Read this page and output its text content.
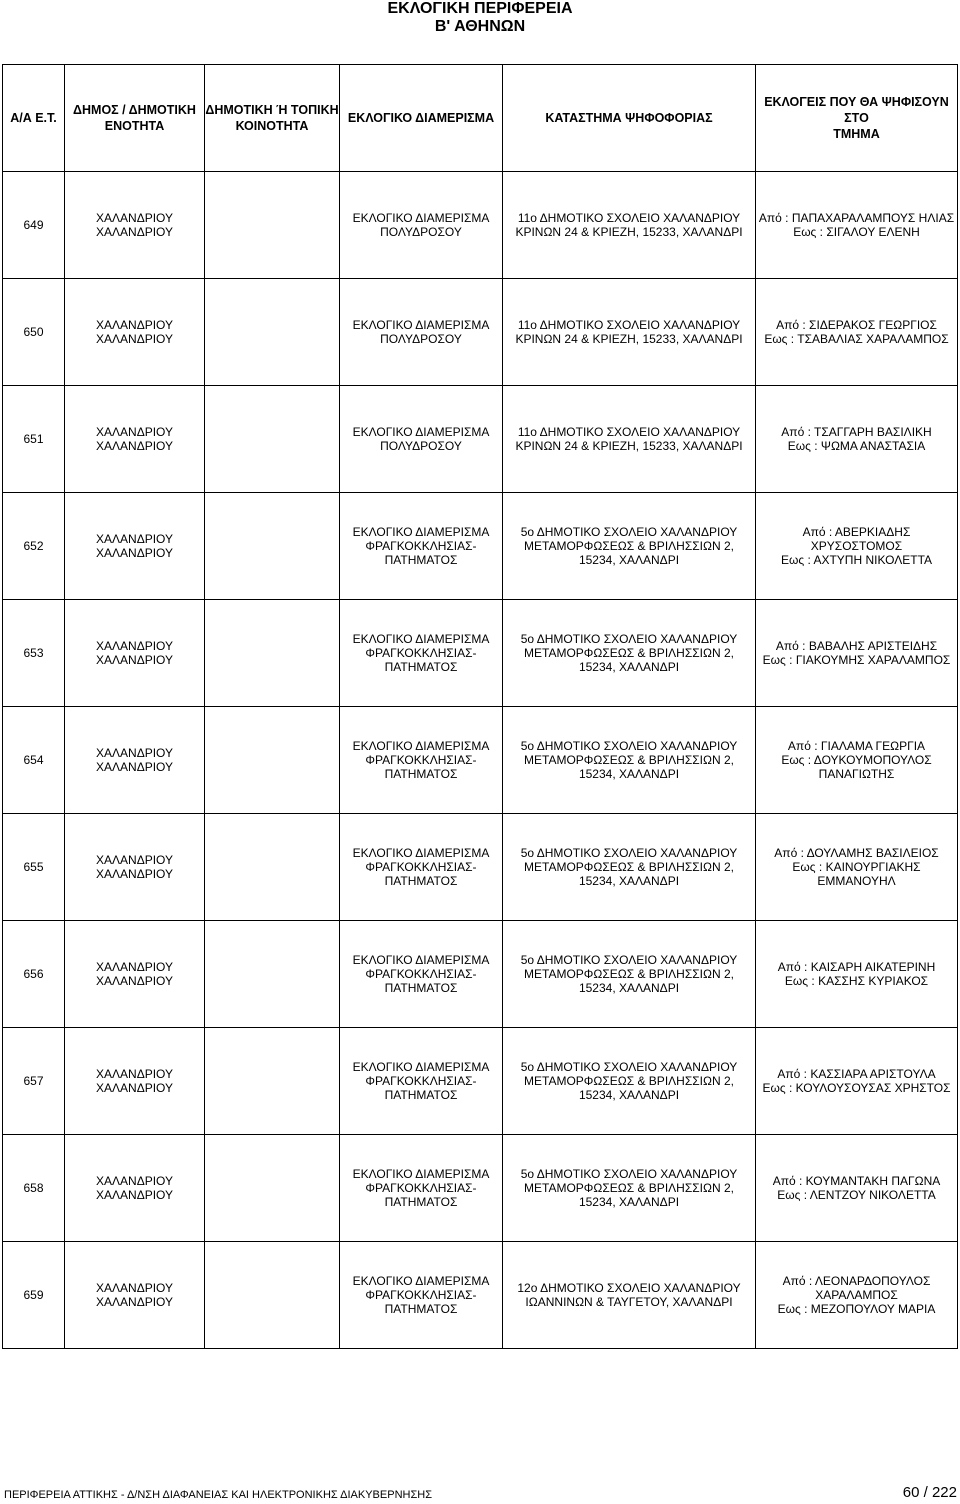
ΕΚΛΟΓΙΚΗ ΠΕΡΙΦΕΡΕΙΑ
Β' ΑΘΗΝΩΝ
Α/Α Ε.Τ.	ΔΗΜΟΣ / ΔΗΜΟΤΙΚΗ
ΕΝΟΤΗΤΑ	ΔΗΜΟΤΙΚΗ Ή ΤΟΠΙΚΗ
ΚΟΙΝΟΤΗΤΑ	ΕΚΛΟΓΙΚΟ ΔΙΑΜΕΡΙΣΜΑ	ΚΑΤΑΣΤΗΜΑ ΨΗΦΟΦΟΡΙΑΣ	ΕΚΛΟΓΕΙΣ ΠΟΥ ΘΑ ΨΗΦΙΣΟΥΝ ΣΤΟ
ΤΜΗΜΑ

649	ΧΑΛΑΝΔΡΙΟΥ
ΧΑΛΑΝΔΡΙΟΥ		ΕΚΛΟΓΙΚΟ ΔΙΑΜΕΡΙΣΜΑ
ΠΟΛΥΔΡΟΣΟΥ	11ο ΔΗΜΟΤΙΚΟ ΣΧΟΛΕΙΟ ΧΑΛΑΝΔΡΙΟΥ
ΚΡΙΝΩΝ 24 & ΚΡΙΕΖΗ, 15233, ΧΑΛΑΝΔΡΙ	Από : ΠΑΠΑΧΑΡΑΛΑΜΠΟΥΣ ΗΛΙΑΣ
Εως : ΣΙΓΑΛΟΥ ΕΛΕΝΗ

650	ΧΑΛΑΝΔΡΙΟΥ
ΧΑΛΑΝΔΡΙΟΥ		ΕΚΛΟΓΙΚΟ ΔΙΑΜΕΡΙΣΜΑ
ΠΟΛΥΔΡΟΣΟΥ	11ο ΔΗΜΟΤΙΚΟ ΣΧΟΛΕΙΟ ΧΑΛΑΝΔΡΙΟΥ
ΚΡΙΝΩΝ 24 & ΚΡΙΕΖΗ, 15233, ΧΑΛΑΝΔΡΙ	Από : ΣΙΔΕΡΑΚΟΣ ΓΕΩΡΓΙΟΣ
Εως : ΤΣΑΒΑΛΙΑΣ ΧΑΡΑΛΑΜΠΟΣ

651	ΧΑΛΑΝΔΡΙΟΥ
ΧΑΛΑΝΔΡΙΟΥ		ΕΚΛΟΓΙΚΟ ΔΙΑΜΕΡΙΣΜΑ
ΠΟΛΥΔΡΟΣΟΥ	11ο ΔΗΜΟΤΙΚΟ ΣΧΟΛΕΙΟ ΧΑΛΑΝΔΡΙΟΥ
ΚΡΙΝΩΝ 24 & ΚΡΙΕΖΗ, 15233, ΧΑΛΑΝΔΡΙ	Από : ΤΣΑΓΓΑΡΗ ΒΑΣΙΛΙΚΗ
Εως : ΨΩΜΑ ΑΝΑΣΤΑΣΙΑ

652	ΧΑΛΑΝΔΡΙΟΥ
ΧΑΛΑΝΔΡΙΟΥ		ΕΚΛΟΓΙΚΟ ΔΙΑΜΕΡΙΣΜΑ
ΦΡΑΓΚΟΚΚΛΗΣΙΑΣ-
ΠΑΤΗΜΑΤΟΣ	5ο ΔΗΜΟΤΙΚΟ ΣΧΟΛΕΙΟ ΧΑΛΑΝΔΡΙΟΥ
ΜΕΤΑΜΟΡΦΩΣΕΩΣ & ΒΡΙΛΗΣΣΙΩΝ 2,
15234, ΧΑΛΑΝΔΡΙ	Από : ΑΒΕΡΚΙΑΔΗΣ ΧΡΥΣΟΣΤΟΜΟΣ
Εως : ΑΧΤΥΠΗ ΝΙΚΟΛΕΤΤΑ

653	ΧΑΛΑΝΔΡΙΟΥ
ΧΑΛΑΝΔΡΙΟΥ		ΕΚΛΟΓΙΚΟ ΔΙΑΜΕΡΙΣΜΑ
ΦΡΑΓΚΟΚΚΛΗΣΙΑΣ-
ΠΑΤΗΜΑΤΟΣ	5ο ΔΗΜΟΤΙΚΟ ΣΧΟΛΕΙΟ ΧΑΛΑΝΔΡΙΟΥ
ΜΕΤΑΜΟΡΦΩΣΕΩΣ & ΒΡΙΛΗΣΣΙΩΝ 2,
15234, ΧΑΛΑΝΔΡΙ	Από : ΒΑΒΑΛΗΣ ΑΡΙΣΤΕΙΔΗΣ
Εως : ΓΙΑΚΟΥΜΗΣ ΧΑΡΑΛΑΜΠΟΣ

654	ΧΑΛΑΝΔΡΙΟΥ
ΧΑΛΑΝΔΡΙΟΥ		ΕΚΛΟΓΙΚΟ ΔΙΑΜΕΡΙΣΜΑ
ΦΡΑΓΚΟΚΚΛΗΣΙΑΣ-
ΠΑΤΗΜΑΤΟΣ	5ο ΔΗΜΟΤΙΚΟ ΣΧΟΛΕΙΟ ΧΑΛΑΝΔΡΙΟΥ
ΜΕΤΑΜΟΡΦΩΣΕΩΣ & ΒΡΙΛΗΣΣΙΩΝ 2,
15234, ΧΑΛΑΝΔΡΙ	Από : ΓΙΑΛΑΜΑ ΓΕΩΡΓΙΑ
Εως : ΔΟΥΚΟΥΜΟΠΟΥΛΟΣ
ΠΑΝΑΓΙΩΤΗΣ

655	ΧΑΛΑΝΔΡΙΟΥ
ΧΑΛΑΝΔΡΙΟΥ		ΕΚΛΟΓΙΚΟ ΔΙΑΜΕΡΙΣΜΑ
ΦΡΑΓΚΟΚΚΛΗΣΙΑΣ-
ΠΑΤΗΜΑΤΟΣ	5ο ΔΗΜΟΤΙΚΟ ΣΧΟΛΕΙΟ ΧΑΛΑΝΔΡΙΟΥ
ΜΕΤΑΜΟΡΦΩΣΕΩΣ & ΒΡΙΛΗΣΣΙΩΝ 2,
15234, ΧΑΛΑΝΔΡΙ	Από : ΔΟΥΛΑΜΗΣ ΒΑΣΙΛΕΙΟΣ
Εως : ΚΑΙΝΟΥΡΓΙΑΚΗΣ ΕΜΜΑΝΟΥΗΛ

656	ΧΑΛΑΝΔΡΙΟΥ
ΧΑΛΑΝΔΡΙΟΥ		ΕΚΛΟΓΙΚΟ ΔΙΑΜΕΡΙΣΜΑ
ΦΡΑΓΚΟΚΚΛΗΣΙΑΣ-
ΠΑΤΗΜΑΤΟΣ	5ο ΔΗΜΟΤΙΚΟ ΣΧΟΛΕΙΟ ΧΑΛΑΝΔΡΙΟΥ
ΜΕΤΑΜΟΡΦΩΣΕΩΣ & ΒΡΙΛΗΣΣΙΩΝ 2,
15234, ΧΑΛΑΝΔΡΙ	Από : ΚΑΙΣΑΡΗ ΑΙΚΑΤΕΡΙΝΗ
Εως : ΚΑΣΣΗΣ ΚΥΡΙΑΚΟΣ

657	ΧΑΛΑΝΔΡΙΟΥ
ΧΑΛΑΝΔΡΙΟΥ		ΕΚΛΟΓΙΚΟ ΔΙΑΜΕΡΙΣΜΑ
ΦΡΑΓΚΟΚΚΛΗΣΙΑΣ-
ΠΑΤΗΜΑΤΟΣ	5ο ΔΗΜΟΤΙΚΟ ΣΧΟΛΕΙΟ ΧΑΛΑΝΔΡΙΟΥ
ΜΕΤΑΜΟΡΦΩΣΕΩΣ & ΒΡΙΛΗΣΣΙΩΝ 2,
15234, ΧΑΛΑΝΔΡΙ	Από : ΚΑΣΣΙΑΡΑ ΑΡΙΣΤΟΥΛΑ
Εως : ΚΟΥΛΟΥΣΟΥΣΑΣ ΧΡΗΣΤΟΣ

658	ΧΑΛΑΝΔΡΙΟΥ
ΧΑΛΑΝΔΡΙΟΥ		ΕΚΛΟΓΙΚΟ ΔΙΑΜΕΡΙΣΜΑ
ΦΡΑΓΚΟΚΚΛΗΣΙΑΣ-
ΠΑΤΗΜΑΤΟΣ	5ο ΔΗΜΟΤΙΚΟ ΣΧΟΛΕΙΟ ΧΑΛΑΝΔΡΙΟΥ
ΜΕΤΑΜΟΡΦΩΣΕΩΣ & ΒΡΙΛΗΣΣΙΩΝ 2,
15234, ΧΑΛΑΝΔΡΙ	Από : ΚΟΥΜΑΝΤΑΚΗ ΠΑΓΩΝΑ
Εως : ΛΕΝΤΖΟΥ ΝΙΚΟΛΕΤΤΑ

659	ΧΑΛΑΝΔΡΙΟΥ
ΧΑΛΑΝΔΡΙΟΥ		ΕΚΛΟΓΙΚΟ ΔΙΑΜΕΡΙΣΜΑ
ΦΡΑΓΚΟΚΚΛΗΣΙΑΣ-
ΠΑΤΗΜΑΤΟΣ	12ο ΔΗΜΟΤΙΚΟ ΣΧΟΛΕΙΟ ΧΑΛΑΝΔΡΙΟΥ
ΙΩΑΝΝΙΝΩΝ & ΤΑΥΓΕΤΟΥ, ΧΑΛΑΝΔΡΙ	Από : ΛΕΟΝΑΡΔΟΠΟΥΛΟΣ
ΧΑΡΑΛΑΜΠΟΣ
Εως : ΜΕΖΟΠΟΥΛΟΥ ΜΑΡΙΑ
ΠΕΡΙΦΕΡΕΙΑ ΑΤΤΙΚΗΣ - Δ/ΝΣΗ ΔΙΑΦΑΝΕΙΑΣ ΚΑΙ ΗΛΕΚΤΡΟΝΙΚΗΣ ΔΙΑΚΥΒΕΡΝΗΣΗΣ	60 / 222
